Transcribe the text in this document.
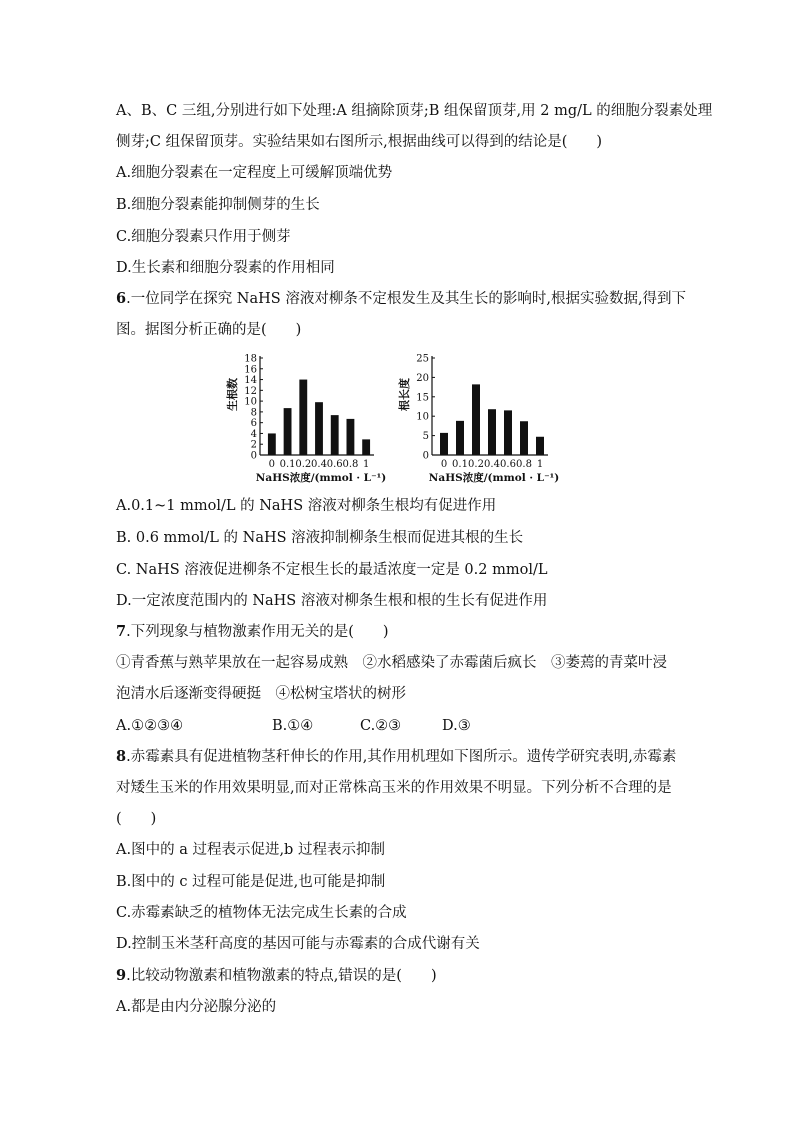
A、B、C 三组,分别进行如下处理:A 组摘除顶芽;B 组保留顶芽,用 2 mg/L 的细胞分裂素处理
侧芽;C 组保留顶芽。实验结果如右图所示,根据曲线可以得到的结论是(　　)
A.细胞分裂素在一定程度上可缓解顶端优势
B.细胞分裂素能抑制侧芽的生长
C.细胞分裂素只作用于侧芽
D.生长素和细胞分裂素的作用相同
6.一位同学在探究 NaHS 溶液对柳条不定根发生及其生长的影响时,根据实验数据,得到下
图。据图分析正确的是(　　)
0
2
4
6
8
10
12
14
16
18
生根数
0 0.1 0.2 0.4 0.6 0.8 1
NaHS浓度/(mmol · L⁻¹)
0
5
10
15
20
25
根长度
0 0.1 0.2 0.4 0.6 0.8 1
NaHS浓度/(mmol · L⁻¹)
A.0.1~1 mmol/L 的 NaHS 溶液对柳条生根均有促进作用
B. 0.6 mmol/L 的 NaHS 溶液抑制柳条生根而促进其根的生长
C. NaHS 溶液促进柳条不定根生长的最适浓度一定是 0.2 mmol/L
D.一定浓度范围内的 NaHS 溶液对柳条生根和根的生长有促进作用
7.下列现象与植物激素作用无关的是(　　)
①青香蕉与熟苹果放在一起容易成熟　②水稻感染了赤霉菌后疯长　③萎蔫的青菜叶浸
泡清水后逐渐变得硬挺　④松树宝塔状的树形
A.①②③④	B.①④	C.②③	D.③
8.赤霉素具有促进植物茎秆伸长的作用,其作用机理如下图所示。遗传学研究表明,赤霉素
对矮生玉米的作用效果明显,而对正常株高玉米的作用效果不明显。下列分析不合理的是
(　　)
A.图中的 a 过程表示促进,b 过程表示抑制
B.图中的 c 过程可能是促进,也可能是抑制
C.赤霉素缺乏的植物体无法完成生长素的合成
D.控制玉米茎秆高度的基因可能与赤霉素的合成代谢有关
9.比较动物激素和植物激素的特点,错误的是(　　)
A.都是由内分泌腺分泌的
